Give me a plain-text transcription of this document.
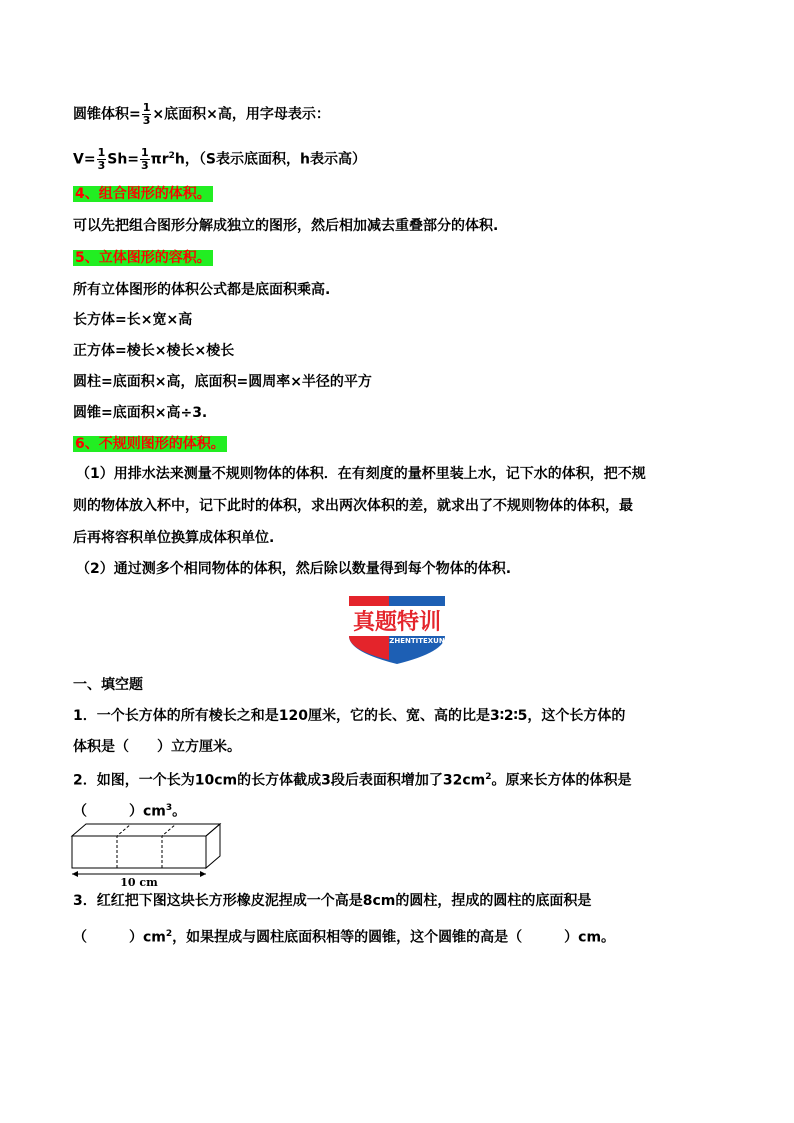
圆锥体积= $\frac{1}{3}$ ×底面积×高，用字母表示：
$V= \frac{1}{3} Sh= \frac{1}{3} \pi r^2h$，（S表示底面积，h表示高）
4、组合图形的体积。
可以先把组合图形分解成独立的图形，然后相加减去重叠部分的体积.
5、立体图形的容积。
所有立体图形的体积公式都是底面积乘高.
长方体=长×宽×高
正方体=棱长×棱长×棱长
圆柱=底面积×高，底面积=圆周率×半径的平方
圆锥=底面积×高÷3.
6、不规则图形的体积。
（1）用排水法来测量不规则物体的体积．在有刻度的量杯里装上水，记下水的体积，把不规
则的物体放入杯中，记下此时的体积，求出两次体积的差，就求出了不规则物体的体积，最
后再将容积单位换算成体积单位.
（2）通过测多个相同物体的体积，然后除以数量得到每个物体的体积.
真题特训
ZHENTITEXUN
一、填空题
1．一个长方体的所有棱长之和是120厘米，它的长、宽、高的比是3∶2∶5，这个长方体的
体积是（　　）立方厘米。
2．如图，一个长为10cm的长方体截成3段后表面积增加了$32cm^2$。原来长方体的体积是
（　　　）$cm^3$。
10 cm
3．红红把下图这块长方形橡皮泥捏成一个高是8cm的圆柱，捏成的圆柱的底面积是
（　　　）$cm^2$，如果捏成与圆柱底面积相等的圆锥，这个圆锥的高是（　　　）cm。
